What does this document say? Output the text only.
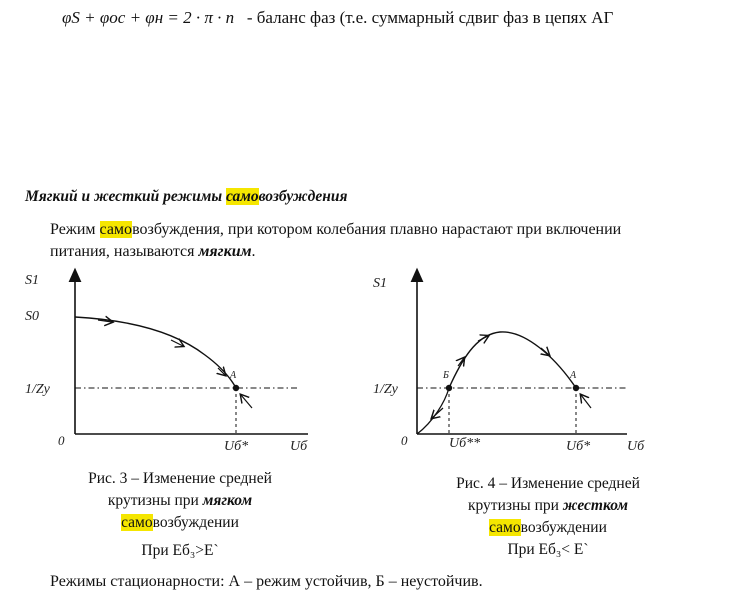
φS + φос + φн = 2 · π · n - баланс фаз (т.е. суммарный сдвиг фаз в цепях АГ
Мягкий и жесткий режимы самовозбуждения
Режим самовозбуждения, при котором колебания плавно нарастают при включении
питания, называются мягким.
S1
S0
1/Zy
0	Uб*	Uб
А
S1
1/Zy
0	Uб**	Uб*	Uб
А
Б
Рис. 3 – Изменение средней
крутизны при мягком
самовозбуждении
При Еб₃>Е`
Рис. 4 – Изменение средней
крутизны при жестком
самовозбуждении
При Еб₃< Е`
Режимы стационарности: А – режим устойчив, Б – неустойчив.
